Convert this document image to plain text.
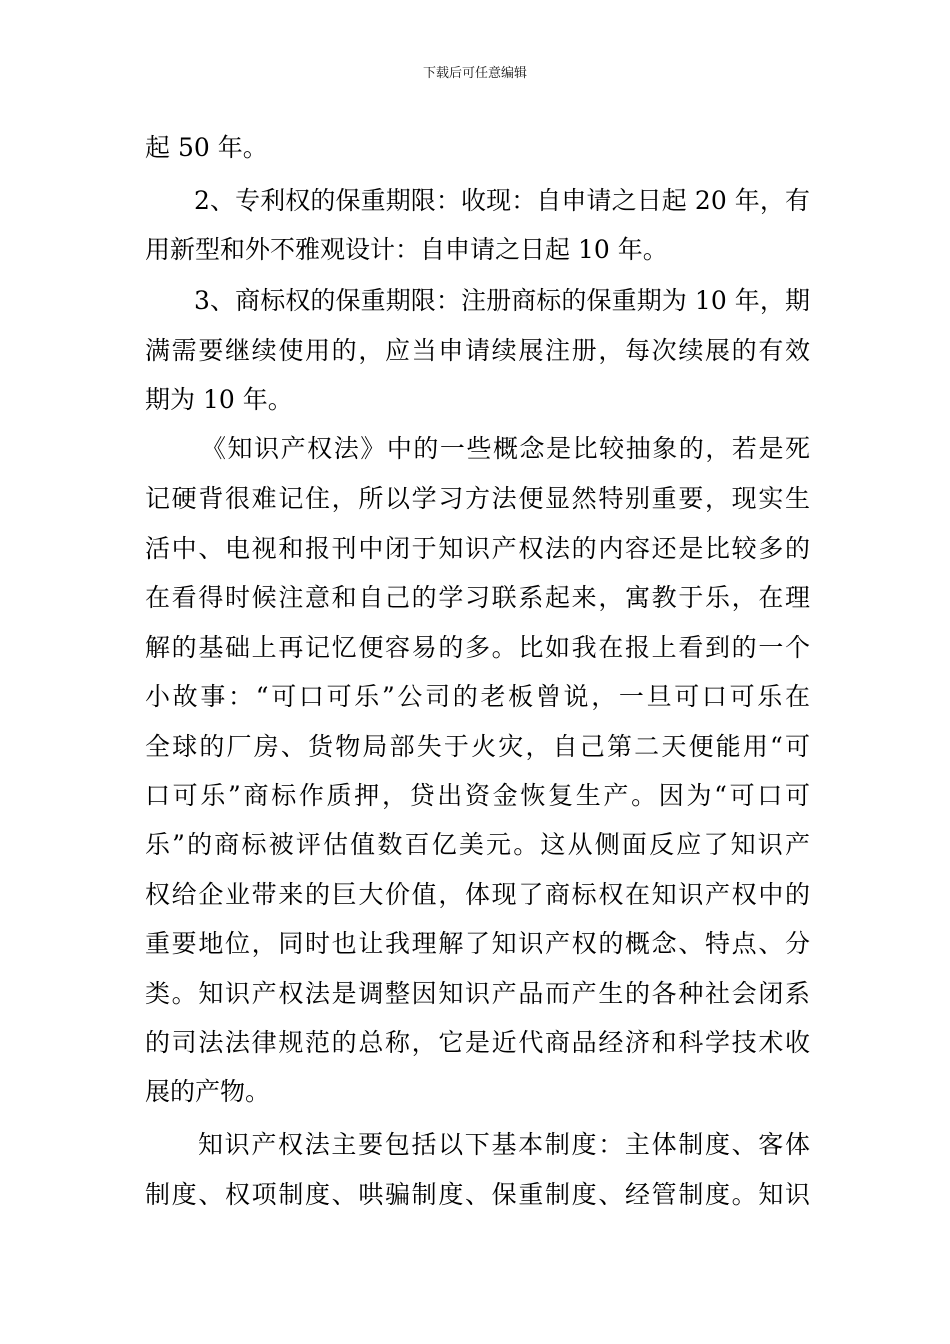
下载后可任意编辑
起 50 年。
2、专利权的保重期限：收现：自申请之日起 20 年，有
用新型和外不雅观设计：自申请之日起 10 年。
3、商标权的保重期限：注册商标的保重期为 10 年，期
满需要继续使用的，应当申请续展注册，每次续展的有效
期为 10 年。
《知识产权法》中的一些概念是比较抽象的，若是死
记硬背很难记住，所以学习方法便显然特别重要，现实生
活中、电视和报刊中闭于知识产权法的内容还是比较多的
在看得时候注意和自己的学习联系起来，寓教于乐，在理
解的基础上再记忆便容易的多。比如我在报上看到的一个
小故事：“可口可乐”公司的老板曾说，一旦可口可乐在
全球的厂房、货物局部失于火灾，自己第二天便能用“可
口可乐”商标作质押，贷出资金恢复生产。因为“可口可
乐”的商标被评估值数百亿美元。这从侧面反应了知识产
权给企业带来的巨大价值，体现了商标权在知识产权中的
重要地位，同时也让我理解了知识产权的概念、特点、分
类。知识产权法是调整因知识产品而产生的各种社会闭系
的司法法律规范的总称，它是近代商品经济和科学技术收
展的产物。
知识产权法主要包括以下基本制度：主体制度、客体
制度、权项制度、哄骗制度、保重制度、经管制度。知识
